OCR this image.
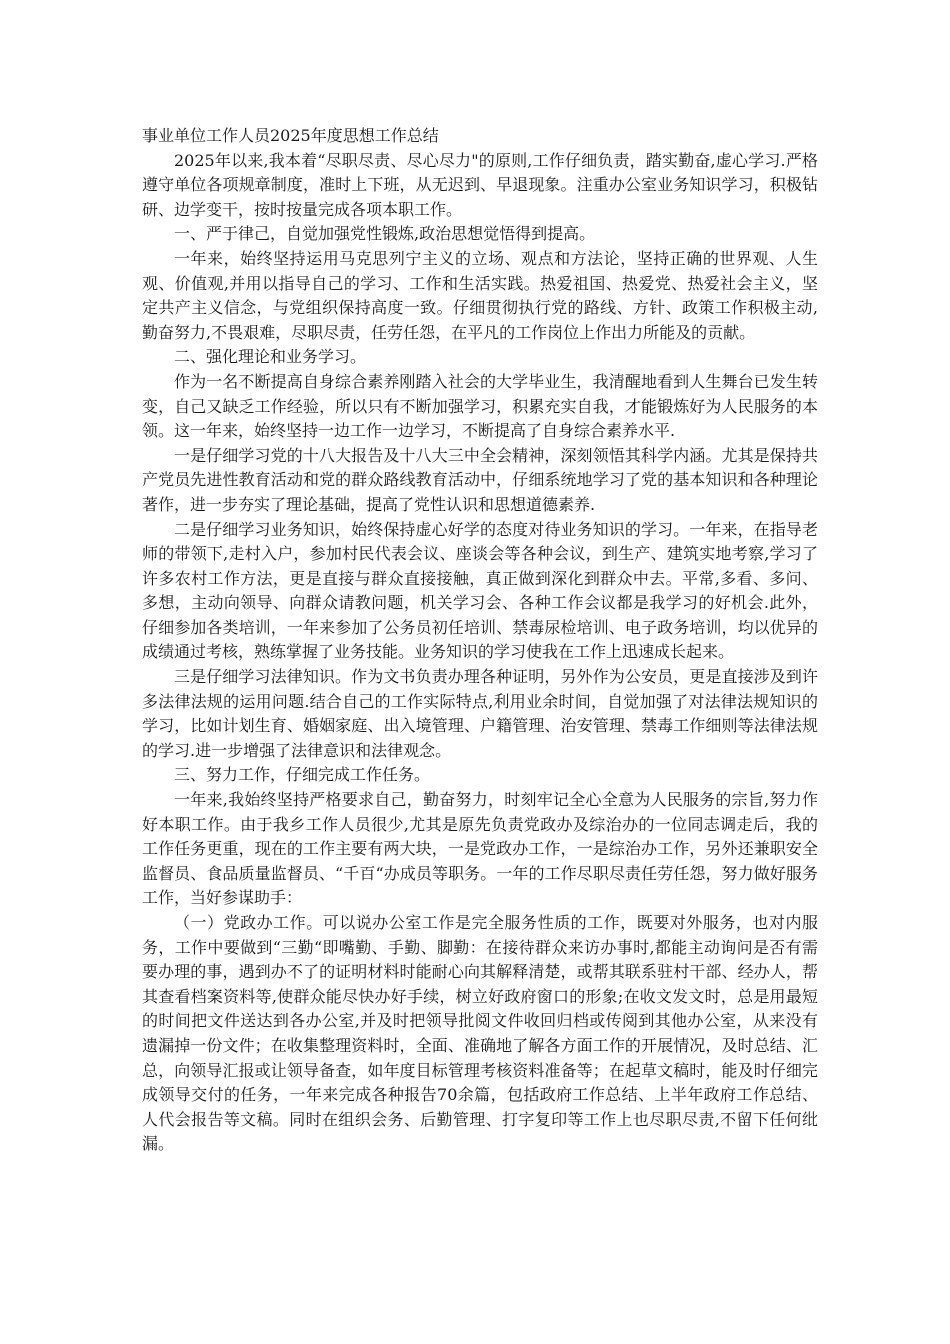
事业单位工作人员2025年度思想工作总结

2025年以来,我本着“尽职尽责、尽心尽力"的原则,工作仔细负责，踏实勤奋,虚心学习.严格遵守单位各项规章制度，准时上下班，从无迟到、早退现象。注重办公室业务知识学习，积极钻研、边学变干，按时按量完成各项本职工作。

一、严于律己，自觉加强党性锻炼,政治思想觉悟得到提高。

一年来，始终坚持运用马克思列宁主义的立场、观点和方法论，坚持正确的世界观、人生观、价值观,并用以指导自己的学习、工作和生活实践。热爱祖国、热爱党、热爱社会主义，坚定共产主义信念，与党组织保持高度一致。仔细贯彻执行党的路线、方针、政策工作积极主动,勤奋努力,不畏艰难，尽职尽责，任劳任怨，在平凡的工作岗位上作出力所能及的贡献。

二、强化理论和业务学习。

作为一名不断提高自身综合素养刚踏入社会的大学毕业生，我清醒地看到人生舞台已发生转变，自己又缺乏工作经验，所以只有不断加强学习，积累充实自我，才能锻炼好为人民服务的本领。这一年来，始终坚持一边工作一边学习，不断提高了自身综合素养水平.

一是仔细学习党的十八大报告及十八大三中全会精神，深刻领悟其科学内涵。尤其是保持共产党员先进性教育活动和党的群众路线教育活动中，仔细系统地学习了党的基本知识和各种理论著作，进一步夯实了理论基础，提高了党性认识和思想道德素养.

二是仔细学习业务知识，始终保持虚心好学的态度对待业务知识的学习。一年来，在指导老师的带领下,走村入户，参加村民代表会议、座谈会等各种会议，到生产、建筑实地考察,学习了许多农村工作方法，更是直接与群众直接接触，真正做到深化到群众中去。平常,多看、多问、多想，主动向领导、向群众请教问题，机关学习会、各种工作会议都是我学习的好机会.此外，仔细参加各类培训，一年来参加了公务员初任培训、禁毒尿检培训、电子政务培训，均以优异的成绩通过考核，熟练掌握了业务技能。业务知识的学习使我在工作上迅速成长起来。

三是仔细学习法律知识。作为文书负责办理各种证明，另外作为公安员，更是直接涉及到许多法律法规的运用问题.结合自己的工作实际特点,利用业余时间，自觉加强了对法律法规知识的学习，比如计划生育、婚姻家庭、出入境管理、户籍管理、治安管理、禁毒工作细则等法律法规的学习.进一步增强了法律意识和法律观念。

三、努力工作，仔细完成工作任务。

一年来,我始终坚持严格要求自己，勤奋努力，时刻牢记全心全意为人民服务的宗旨,努力作好本职工作。由于我乡工作人员很少,尤其是原先负责党政办及综治办的一位同志调走后，我的工作任务更重，现在的工作主要有两大块，一是党政办工作，一是综治办工作，另外还兼职安全监督员、食品质量监督员、“千百“办成员等职务。一年的工作尽职尽责任劳任怨，努力做好服务工作，当好参谋助手：

（一）党政办工作。可以说办公室工作是完全服务性质的工作，既要对外服务，也对内服务，工作中要做到“三勤“即嘴勤、手勤、脚勤：在接待群众来访办事时,都能主动询问是否有需要办理的事，遇到办不了的证明材料时能耐心向其解释清楚，或帮其联系驻村干部、经办人，帮其查看档案资料等,使群众能尽快办好手续，树立好政府窗口的形象;在收文发文时，总是用最短的时间把文件送达到各办公室,并及时把领导批阅文件收回归档或传阅到其他办公室，从来没有遗漏掉一份文件；在收集整理资料时，全面、准确地了解各方面工作的开展情况，及时总结、汇总，向领导汇报或让领导备查，如年度目标管理考核资料准备等；在起草文稿时，能及时仔细完成领导交付的任务，一年来完成各种报告70余篇，包括政府工作总结、上半年政府工作总结、人代会报告等文稿。同时在组织会务、后勤管理、打字复印等工作上也尽职尽责,不留下任何纰漏。
